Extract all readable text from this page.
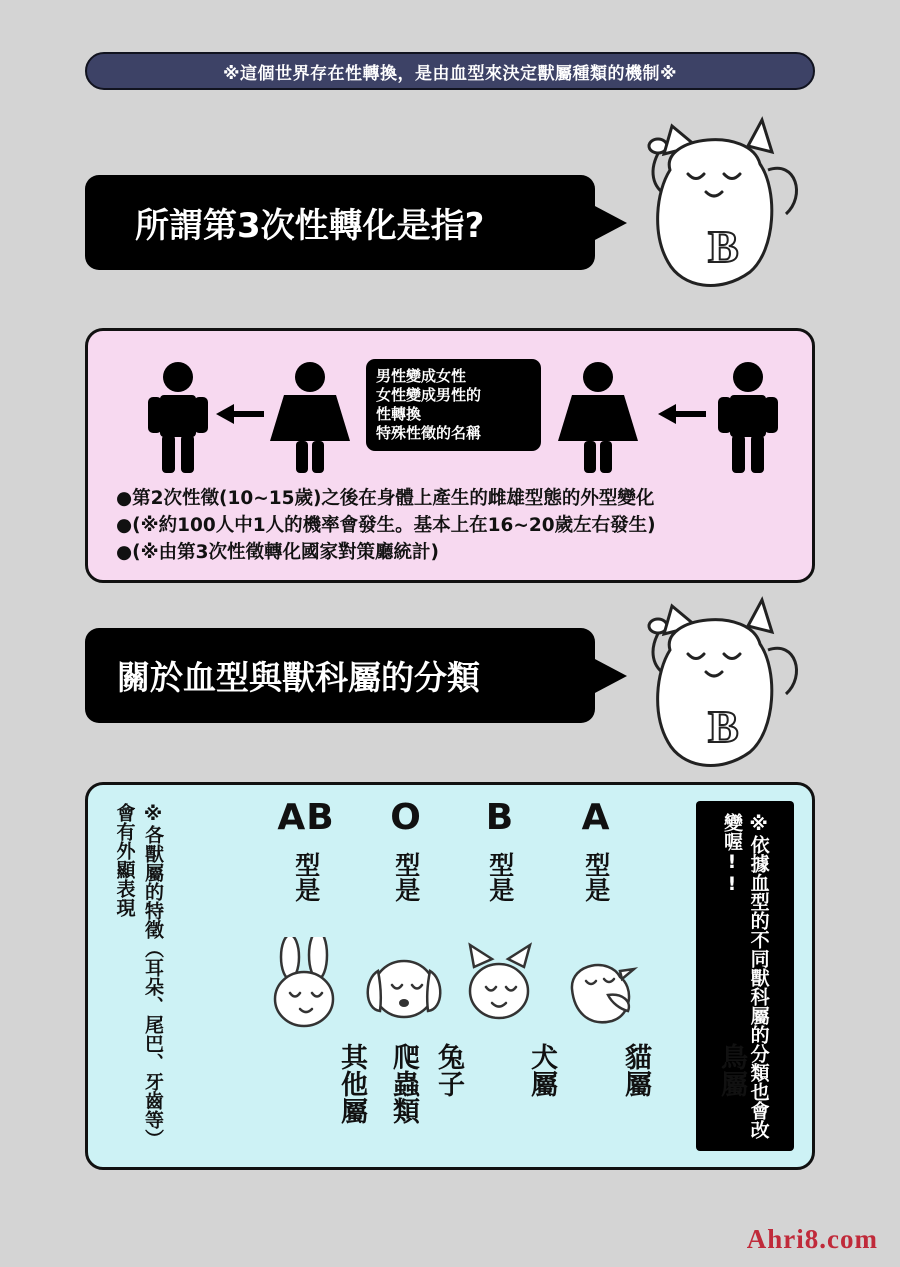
※這個世界存在性轉換，是由血型來決定獸屬種類的機制※
所謂第3次性轉化是指?	B
男性變成女性
女性變成男性的
性轉換
特殊性徵的名稱
●第2次性徵(10~15歲)之後在身體上產生的雌雄型態的外型變化
●(※約100人中1人的機率會發生。基本上在16~20歲左右發生)
●(※由第3次性徵轉化國家對策廳統計)
關於血型與獸科屬的分類
B
※各獸屬的特徵（耳朵、尾巴、牙齒等）會有外顯表現	※依據血型的不同獸科屬的分類也會改變喔!!
AB
型是
其他屬 爬蟲類 兔子
O
型是
犬屬
B
型是
貓屬
A
型是
鳥屬
Ahri8.com
